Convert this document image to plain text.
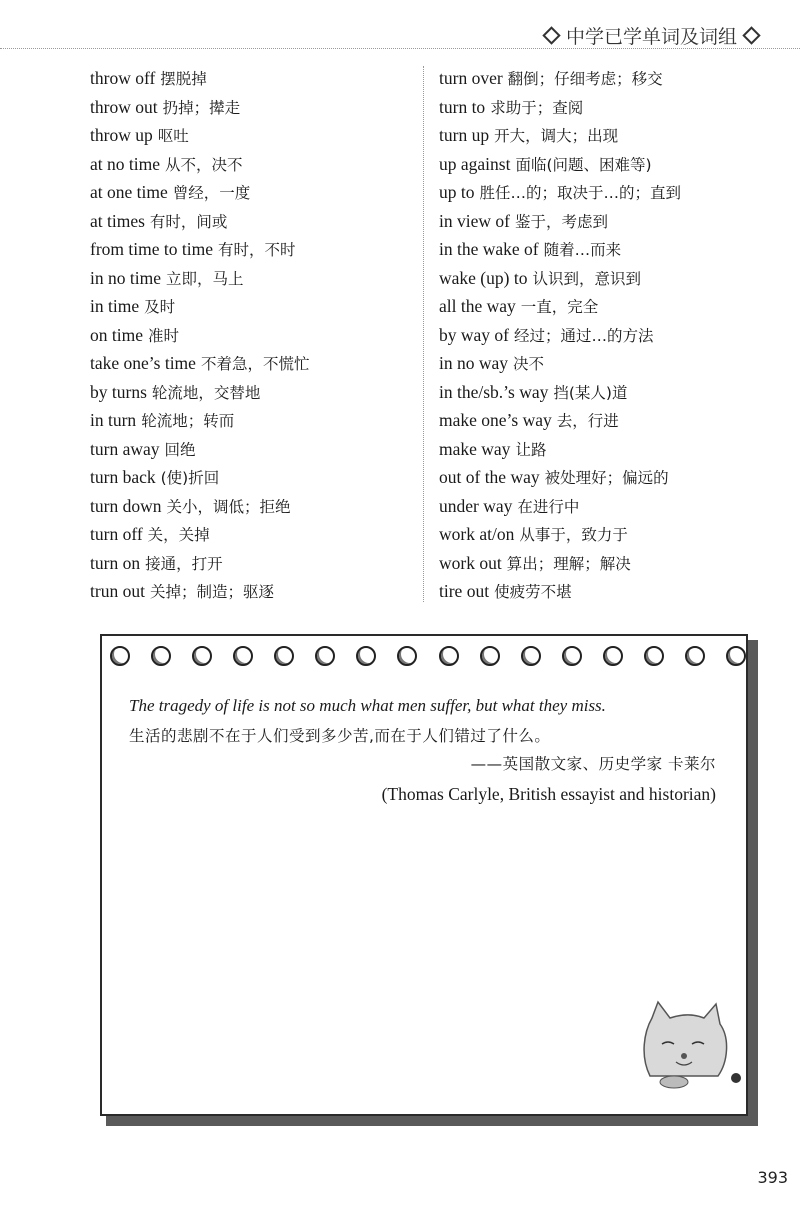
中学已学单词及词组
throw off 摆脱掉
throw out 扔掉；撵走
throw up 呕吐
at no time 从不，决不
at one time 曾经，一度
at times 有时，间或
from time to time 有时，不时
in no time 立即，马上
in time 及时
on time 准时
take one’s time 不着急，不慌忙
by turns 轮流地，交替地
in turn 轮流地；转而
turn away 回绝
turn back (使)折回
turn down 关小，调低；拒绝
turn off 关，关掉
turn on 接通，打开
trun out 关掉；制造；驱逐
turn over 翻倒；仔细考虑；移交
turn to 求助于；查阅
turn up 开大，调大；出现
up against 面临(问题、困难等)
up to 胜任…的；取决于…的；直到
in view of 鉴于，考虑到
in the wake of 随着…而来
wake (up) to 认识到，意识到
all the way 一直，完全
by way of 经过；通过…的方法
in no way 决不
in the/sb.’s way 挡(某人)道
make one’s way 去，行进
make way 让路
out of the way 被处理好；偏远的
under way 在进行中
work at/on 从事于，致力于
work out 算出；理解；解决
tire out 使疲劳不堪
The tragedy of life is not so much what men suffer, but what they miss.
生活的悲剧不在于人们受到多少苦,而在于人们错过了什么。
——英国散文家、历史学家 卡莱尔
(Thomas Carlyle, British essayist and historian)
393
